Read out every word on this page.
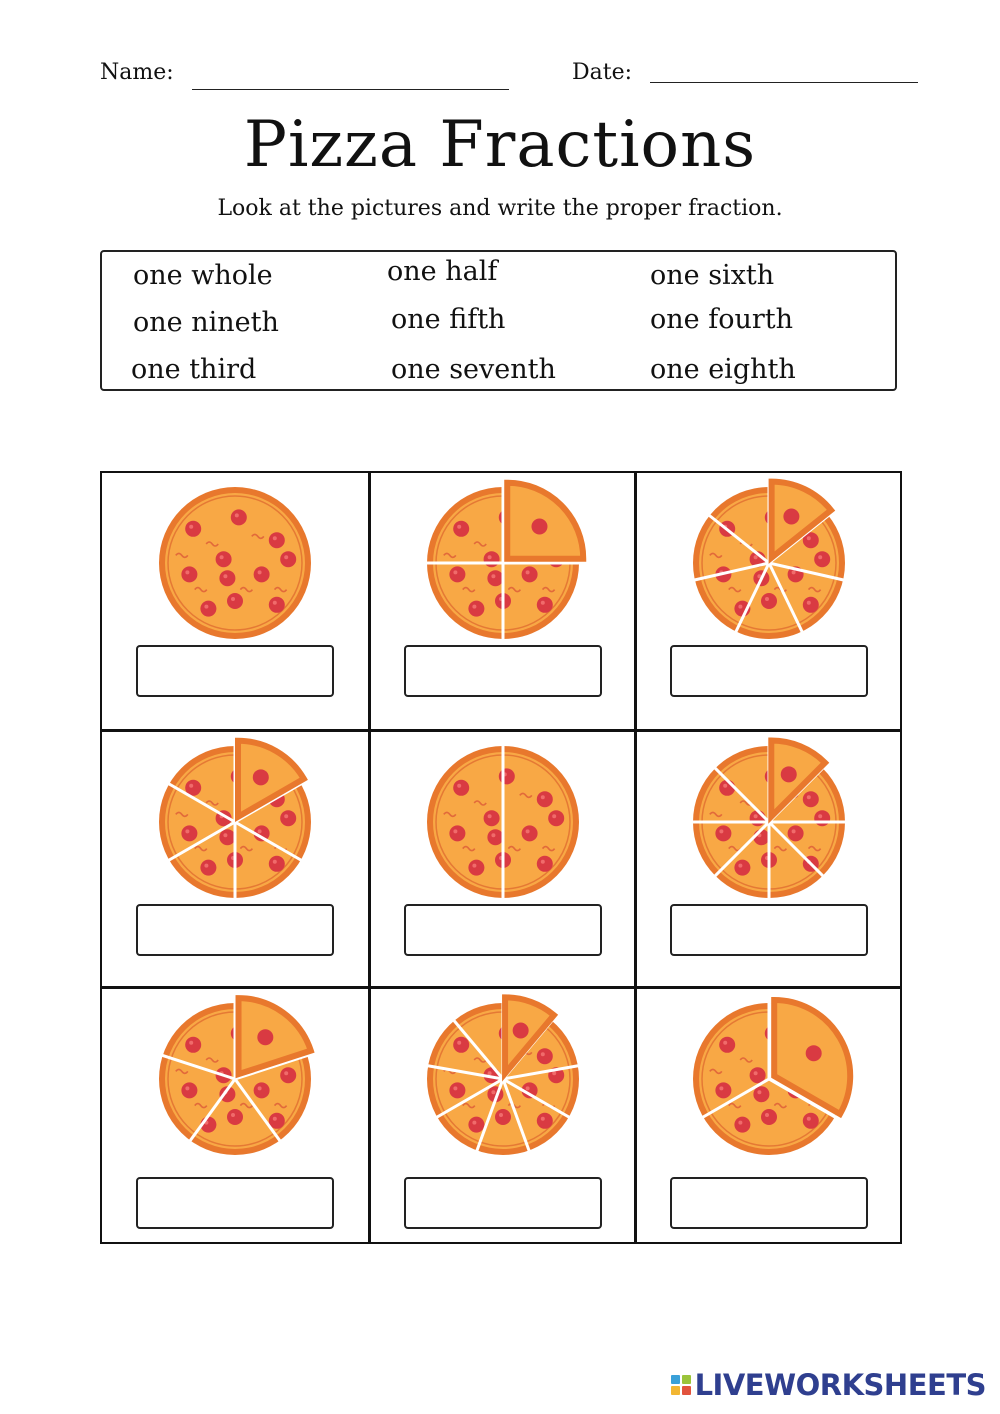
Name:	Date:
Pizza Fractions
Look at the pictures and write the proper fraction.
one whole	one half	one sixth
one nineth	one fifth	one fourth
one third	one seventh	one eighth
LIVEWORKSHEETS
